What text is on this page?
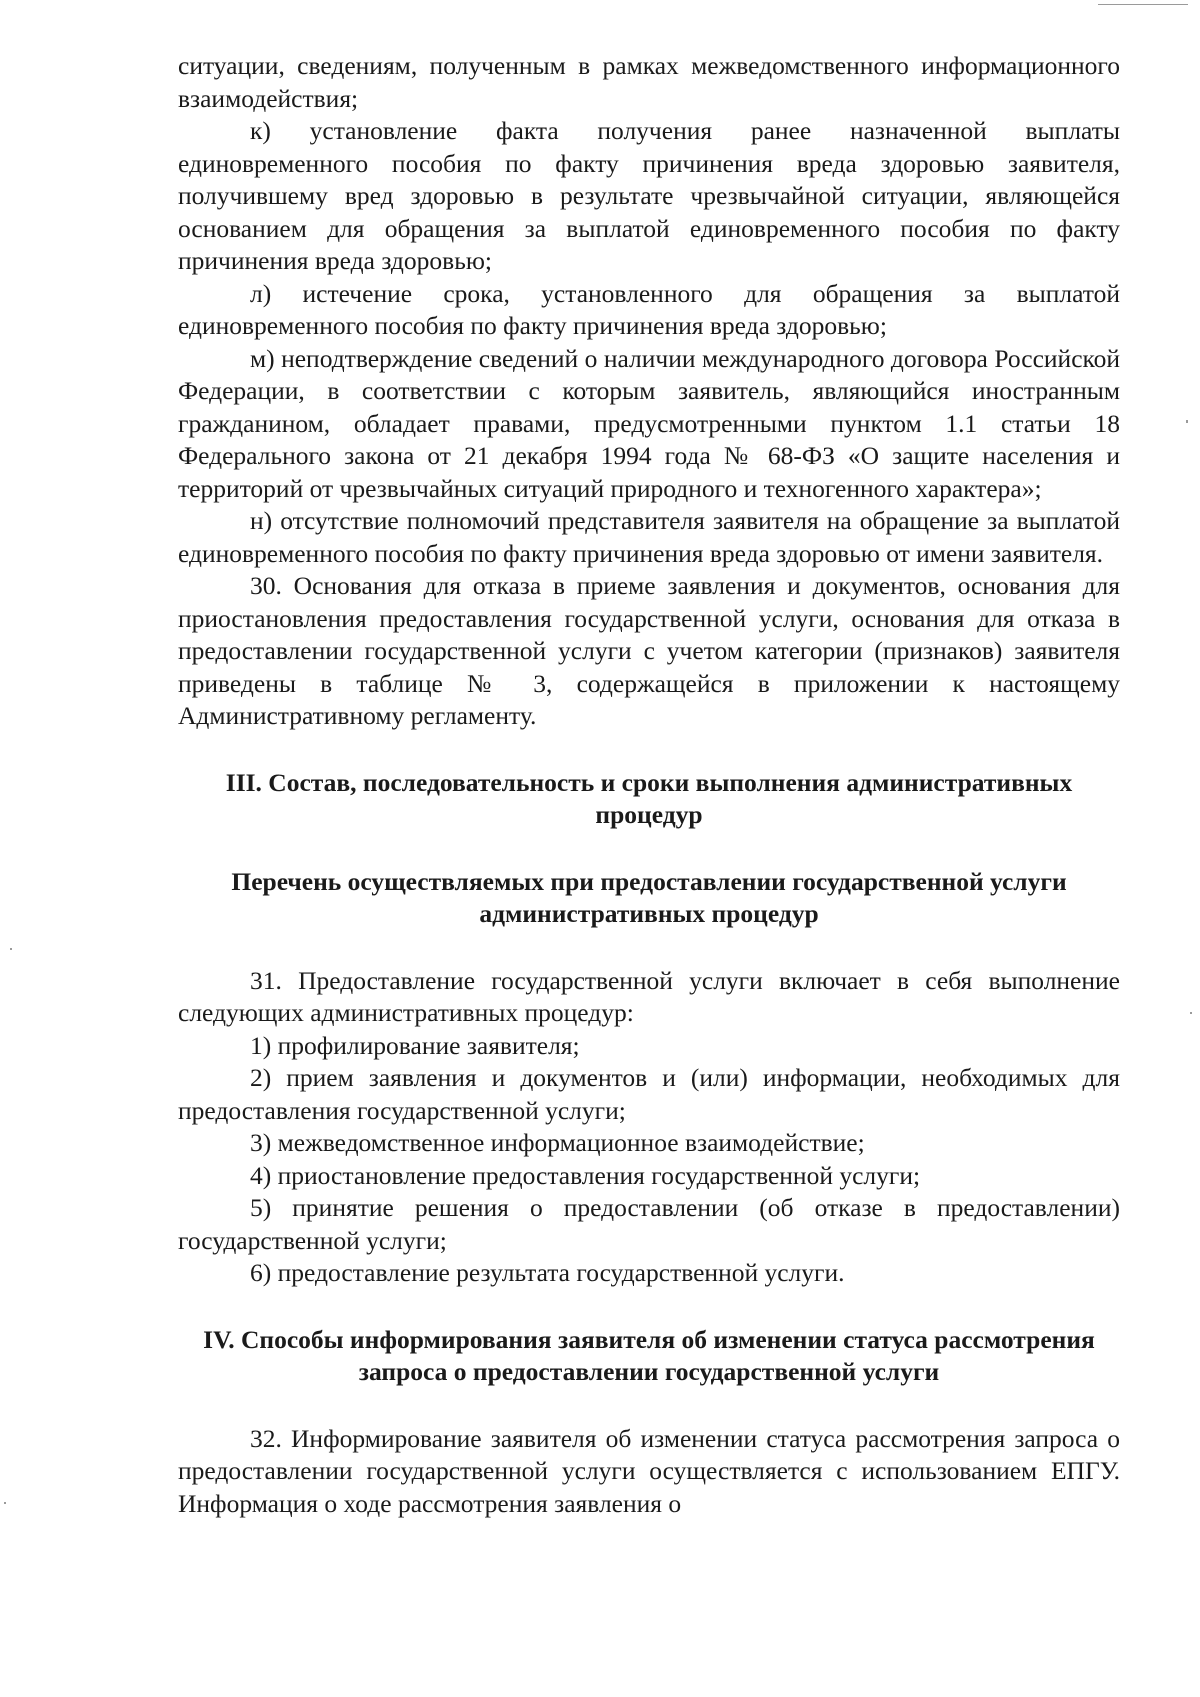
ситуации, сведениям, полученным в рамках межведомственного информационного взаимодействия;

к) установление факта получения ранее назначенной выплаты единовременного пособия по факту причинения вреда здоровью заявителя, получившему вред здоровью в результате чрезвычайной ситуации, являющейся основанием для обращения за выплатой единовременного пособия по факту причинения вреда здоровью;

л) истечение срока, установленного для обращения за выплатой единовременного пособия по факту причинения вреда здоровью;

м) неподтверждение сведений о наличии международного договора Российской Федерации, в соответствии с которым заявитель, являющийся иностранным гражданином, обладает правами, предусмотренными пунктом 1.1 статьи 18 Федерального закона от 21 декабря 1994 года № 68-ФЗ «О защите населения и территорий от чрезвычайных ситуаций природного и техногенного характера»;

н) отсутствие полномочий представителя заявителя на обращение за выплатой единовременного пособия по факту причинения вреда здоровью от имени заявителя.

30. Основания для отказа в приеме заявления и документов, основания для приостановления предоставления государственной услуги, основания для отказа в предоставлении государственной услуги с учетом категории (признаков) заявителя приведены в таблице № 3, содержащейся в приложении к настоящему Административному регламенту.

III. Состав, последовательность и сроки выполнения административных процедур

Перечень осуществляемых при предоставлении государственной услуги административных процедур

31. Предоставление государственной услуги включает в себя выполнение следующих административных процедур:

1) профилирование заявителя;

2) прием заявления и документов и (или) информации, необходимых для предоставления государственной услуги;

3) межведомственное информационное взаимодействие;

4) приостановление предоставления государственной услуги;

5) принятие решения о предоставлении (об отказе в предоставлении) государственной услуги;

6) предоставление результата государственной услуги.

IV. Способы информирования заявителя об изменении статуса рассмотрения запроса о предоставлении государственной услуги

32. Информирование заявителя об изменении статуса рассмотрения запроса о предоставлении государственной услуги осуществляется с использованием ЕПГУ. Информация о ходе рассмотрения заявления о
